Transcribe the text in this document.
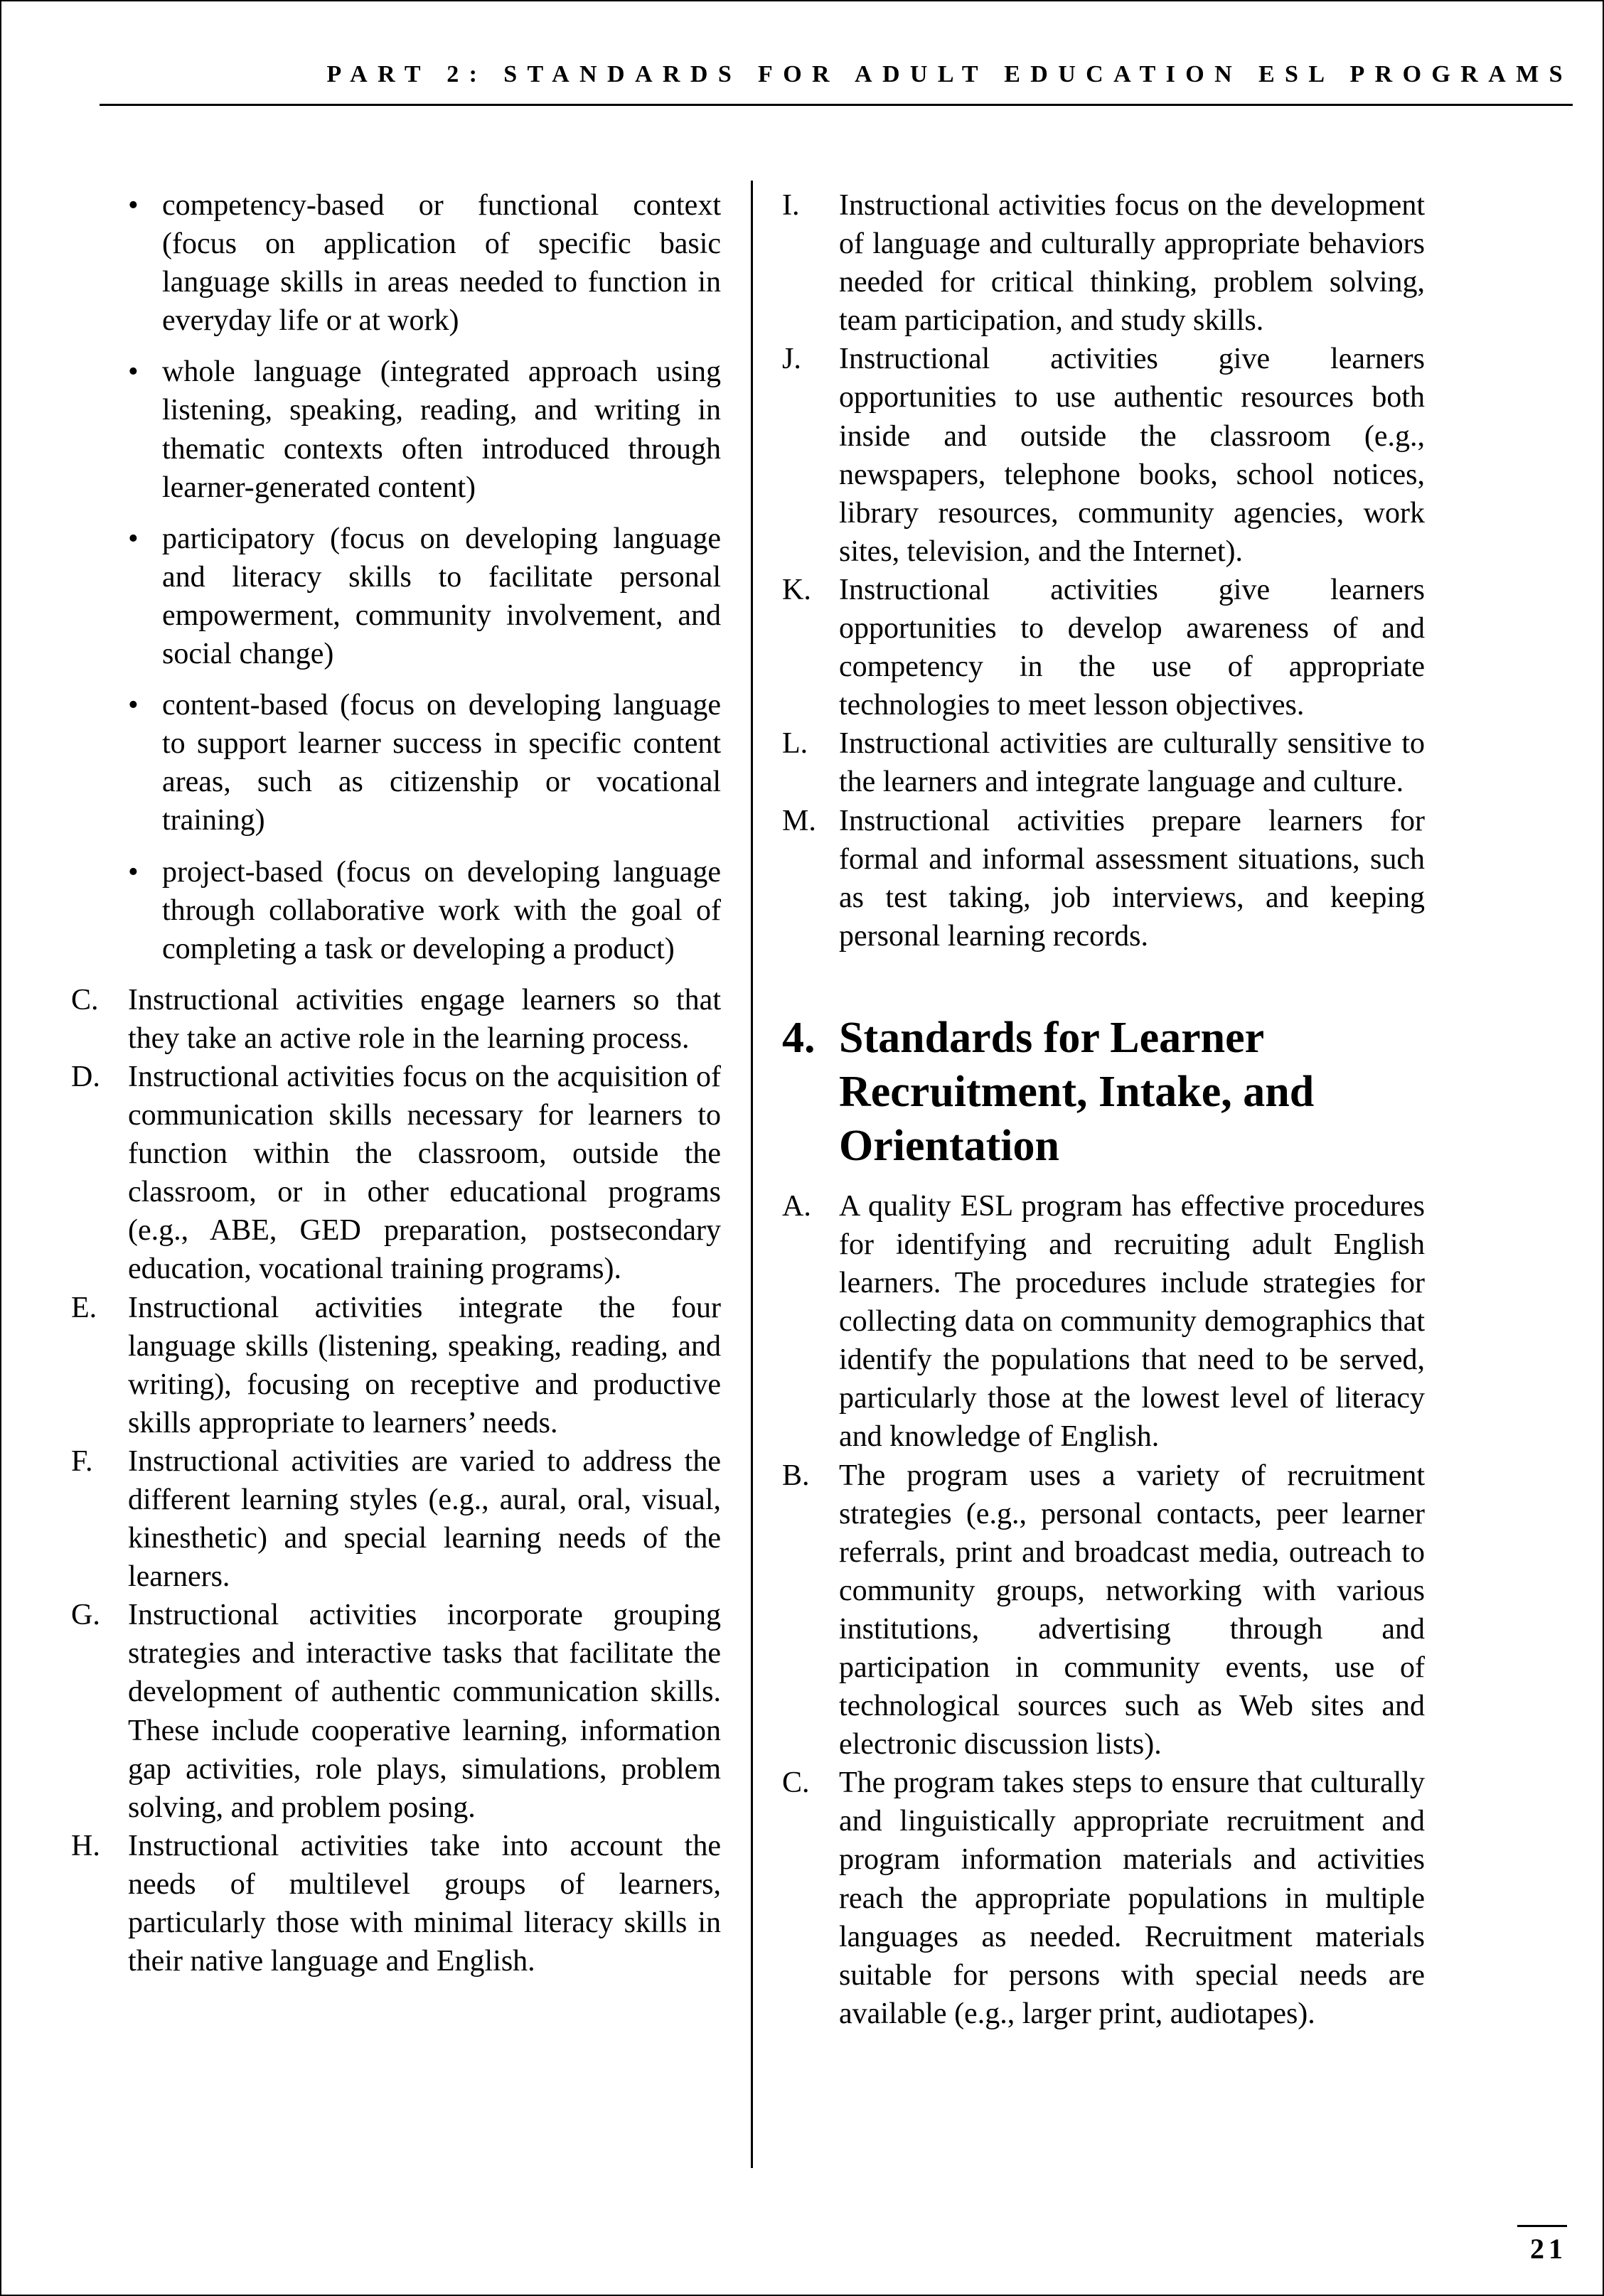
PART 2: STANDARDS FOR ADULT EDUCATION ESL PROGRAMS
• competency-based or functional context (focus on application of specific basic language skills in areas needed to function in everyday life or at work)
• whole language (integrated approach using listening, speaking, reading, and writing in thematic contexts often introduced through learner-generated content)
• participatory (focus on developing language and literacy skills to facilitate personal empowerment, community involvement, and social change)
• content-based (focus on developing language to support learner success in specific content areas, such as citizenship or vocational training)
• project-based (focus on developing language through collaborative work with the goal of completing a task or developing a product)
C. Instructional activities engage learners so that they take an active role in the learning process.
D. Instructional activities focus on the acquisition of communication skills necessary for learners to function within the classroom, outside the classroom, or in other educational programs (e.g., ABE, GED preparation, postsecondary education, vocational training programs).
E. Instructional activities integrate the four language skills (listening, speaking, reading, and writing), focusing on receptive and productive skills appropriate to learners’ needs.
F. Instructional activities are varied to address the different learning styles (e.g., aural, oral, visual, kinesthetic) and special learning needs of the learners.
G. Instructional activities incorporate grouping strategies and interactive tasks that facilitate the development of authentic communication skills. These include cooperative learning, information gap activities, role plays, simulations, problem solving, and problem posing.
H. Instructional activities take into account the needs of multilevel groups of learners, particularly those with minimal literacy skills in their native language and English.
I. Instructional activities focus on the development of language and culturally appropriate behaviors needed for critical thinking, problem solving, team participation, and study skills.
J. Instructional activities give learners opportunities to use authentic resources both inside and outside the classroom (e.g., newspapers, telephone books, school notices, library resources, community agencies, work sites, television, and the Internet).
K. Instructional activities give learners opportunities to develop awareness of and competency in the use of appropriate technologies to meet lesson objectives.
L. Instructional activities are culturally sensitive to the learners and integrate language and culture.
M. Instructional activities prepare learners for formal and informal assessment situations, such as test taking, job interviews, and keeping personal learning records.
4. Standards for Learner Recruitment, Intake, and Orientation
A. A quality ESL program has effective procedures for identifying and recruiting adult English learners. The procedures include strategies for collecting data on community demographics that identify the populations that need to be served, particularly those at the lowest level of literacy and knowledge of English.
B. The program uses a variety of recruitment strategies (e.g., personal contacts, peer learner referrals, print and broadcast media, outreach to community groups, networking with various institutions, advertising through and participation in community events, use of technological sources such as Web sites and electronic discussion lists).
C. The program takes steps to ensure that culturally and linguistically appropriate recruitment and program information materials and activities reach the appropriate populations in multiple languages as needed. Recruitment materials suitable for persons with special needs are available (e.g., larger print, audiotapes).
21
